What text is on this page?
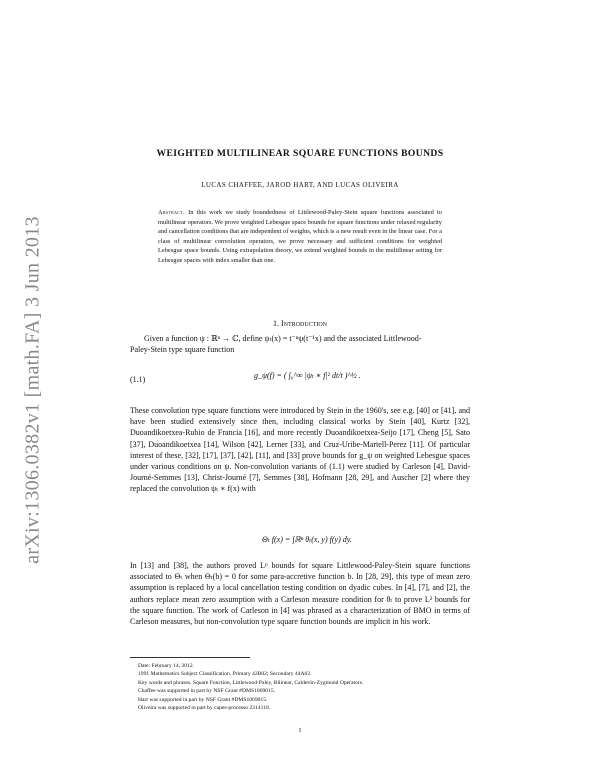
arXiv:1306.0382v1 [math.FA] 3 Jun 2013
WEIGHTED MULTILINEAR SQUARE FUNCTIONS BOUNDS
LUCAS CHAFFEE, JAROD HART, AND LUCAS OLIVEIRA
Abstract. In this work we study boundedness of Littlewood-Paley-Stein square functions associated to multilinear operators. We prove weighted Lebesgue space bounds for square functions under relaxed regularity and cancellation conditions that are independent of weights, which is a new result even in the linear case. For a class of multilinear convolution operators, we prove necessary and sufficient conditions for weighted Lebesgue space bounds. Using extrapolation theory, we extend weighted bounds in the multilinear setting for Lebesgue spaces with index smaller than one.
1. Introduction
Given a function ψ : ℝⁿ → ℂ, define ψₜ(x) = t⁻ⁿψ(t⁻¹x) and the associated Littlewood-
Paley-Stein type square function
(1.1)	g_ψ(f) = ( ∫₀^∞ |ψₜ ∗ f|² dt/t )^½ .
These convolution type square functions were introduced by Stein in the 1960's, see e.g. [40] or [41], and have been studied extensively since then, including classical works by Stein [40], Kurtz [32], Duoandikoetxea-Rubio de Francia [16], and more recently Duoandikoetxea-Seijo [17], Cheng [5], Sato [37], Duoandikoetxea [14], Wilson [42], Lerner [33], and Cruz-Uribe-Martell-Perez [11]. Of particular interest of these, [32], [17], [37], [42], [11], and [33] prove bounds for g_ψ on weighted Lebesgue spaces under various conditions on ψ. Non-convolution variants of (1.1) were studied by Carleson [4], David-Journé-Semmes [13], Christ-Journé [7], Semmes [38], Hofmann [28, 29], and Auscher [2] where they replaced the convolution ψₜ ∗ f(x) with
Θₜ f(x) = ∫ℝⁿ θₜ(x, y) f(y) dy.
In [13] and [38], the authors proved Lᵖ bounds for square Littlewood-Paley-Stein square functions associated to Θₜ when Θₜ(b) = 0 for some para-accretive function b. In [28, 29], this type of mean zero assumption is replaced by a local cancellation testing condition on dyadic cubes. In [4], [7], and [2], the authors replace mean zero assumption with a Carleson measure condition for θₜ to prove L² bounds for the square function. The work of Carleson in [4] was phrased as a characterization of BMO in terms of Carleson measures, but non-convolution type square function bounds are implicit in his work.
Date: February 14, 2012.
1991 Mathematics Subject Classification. Primary 42B02; Secondary 44A02.
Key words and phrases. Square Function, Littlewood-Paley, Bilinear, Calderón-Zygmund Operators.
Chaffee was supported in part by NSF Grant #DMS1069015.
Hart was supported in part by NSF Grant #DMS1069015.
Oliveira was supported in part by capes-processo 2314118.
1
